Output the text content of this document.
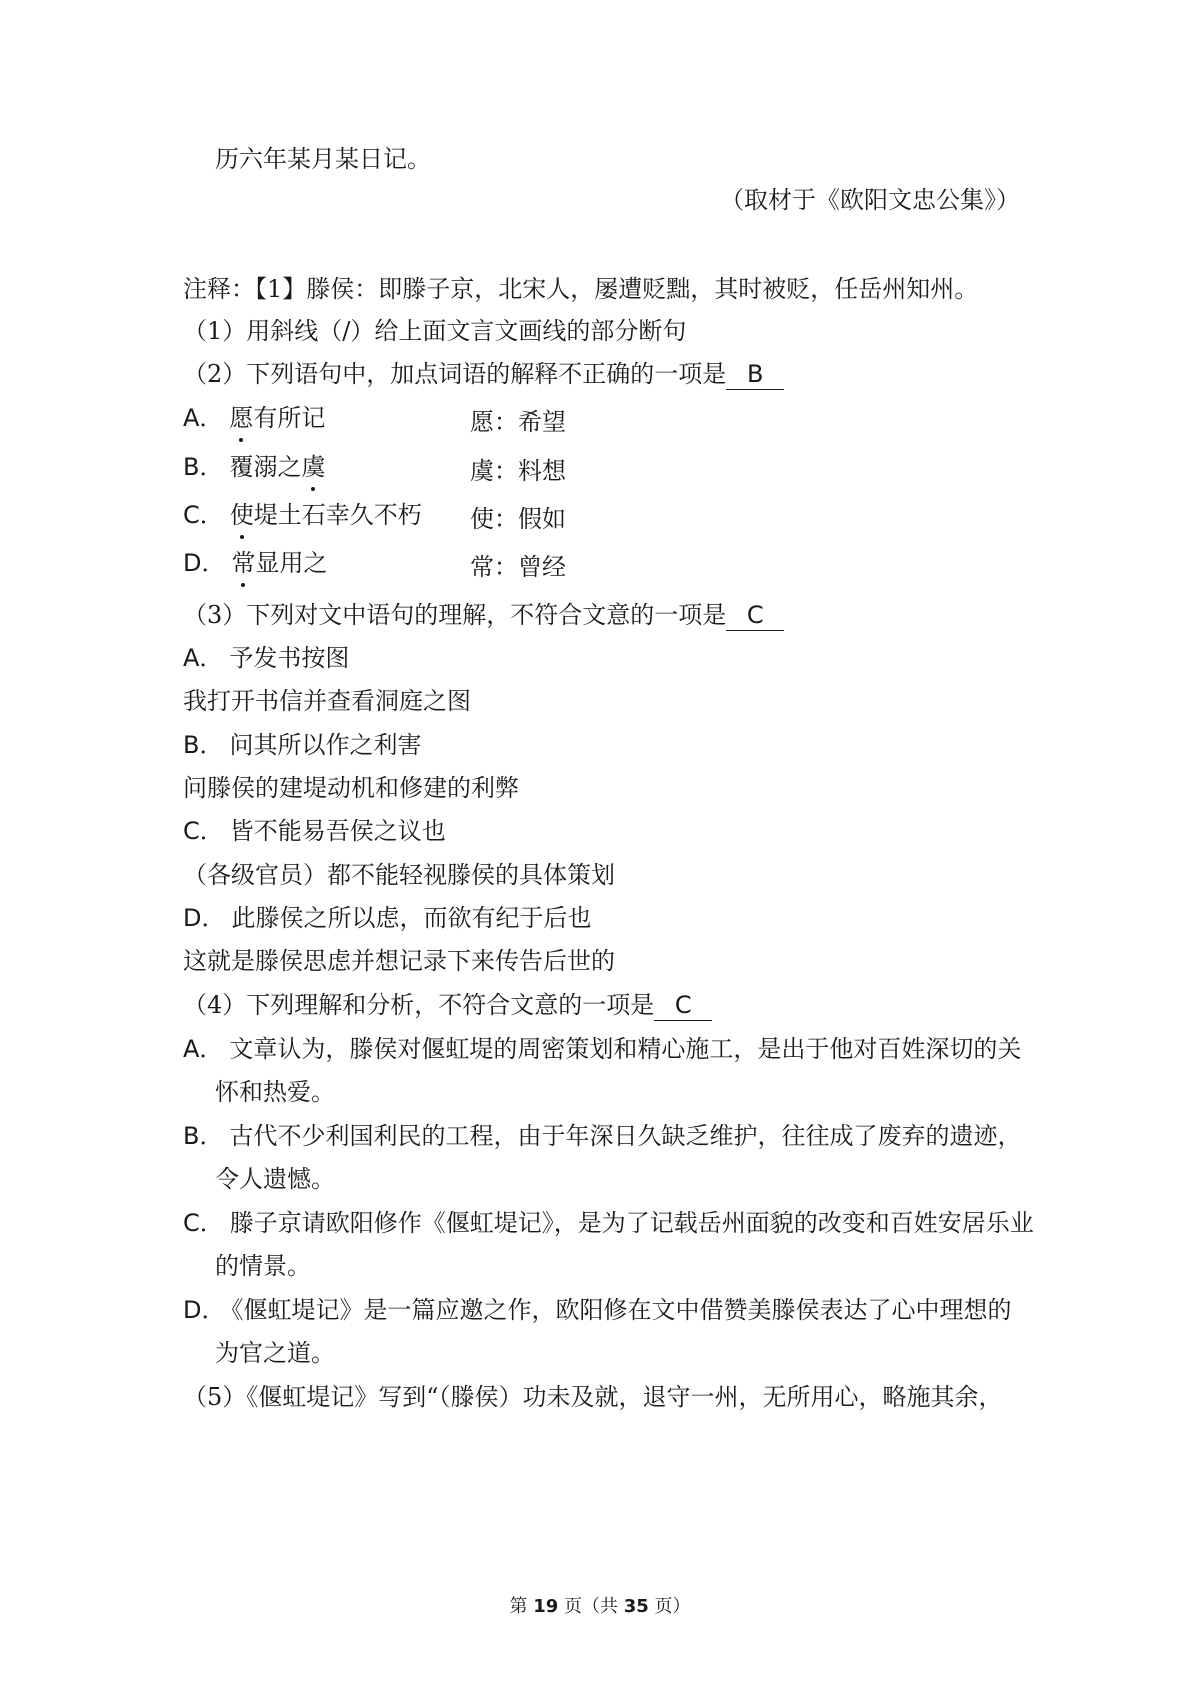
历六年某月某日记。
（取材于《欧阳文忠公集》）
注释：【1】滕侯：即滕子京，北宋人，屡遭贬黜，其时被贬，任岳州知州。
（1）用斜线（/）给上面文言文画线的部分断句
（2）下列语句中，加点词语的解释不正确的一项是 B
A． 愿有所记	愿：希望
B． 覆溺之虞	虞：料想
C． 使堤土石幸久不朽 使：假如
D． 常显用之	常：曾经
（3）下列对文中语句的理解，不符合文意的一项是 C
A． 予发书按图
我打开书信并查看洞庭之图
B． 问其所以作之利害
问滕侯的建堤动机和修建的利弊
C． 皆不能易吾侯之议也
（各级官员）都不能轻视滕侯的具体策划
D． 此滕侯之所以虑，而欲有纪于后也
这就是滕侯思虑并想记录下来传告后世的
（4）下列理解和分析，不符合文意的一项是 C
A． 文章认为，滕侯对偃虹堤的周密策划和精心施工，是出于他对百姓深切的关
怀和热爱。
B． 古代不少利国利民的工程，由于年深日久缺乏维护，往往成了废弃的遗迹，
令人遗憾。
C． 滕子京请欧阳修作《偃虹堤记》，是为了记载岳州面貌的改变和百姓安居乐业
的情景。
D． 《偃虹堤记》是一篇应邀之作，欧阳修在文中借赞美滕侯表达了心中理想的
为官之道。
（5）《偃虹堤记》写到“（滕侯）功未及就，退守一州，无所用心，略施其余，
第 19 页（共 35 页）
